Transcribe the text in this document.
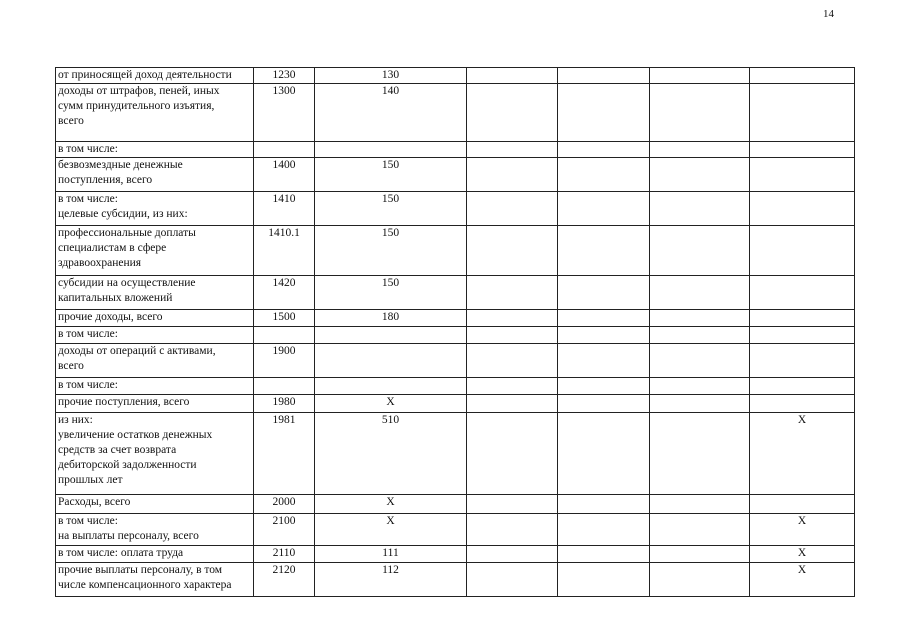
14
от приносящей доход деятельности	1230	130				
доходы от штрафов, пеней, иных
сумм принудительного изъятия,
всего	1300	140				
в том числе:						
безвозмездные денежные
поступления, всего	1400	150				
в том числе:
целевые субсидии, из них:	1410	150				
профессиональные доплаты
специалистам в сфере
здравоохранения	1410.1	150				
субсидии на осуществление
капитальных вложений	1420	150				
прочие доходы, всего	1500	180				
в том числе:						
доходы от операций с активами,
всего	1900					
в том числе:						
прочие поступления, всего	1980	X				
из них:
увеличение остатков денежных
средств за счет возврата
дебиторской задолженности
прошлых лет	1981	510				X
Расходы, всего	2000	X				
в том числе:
на выплаты персоналу, всего	2100	X				X
в том числе: оплата труда	2110	111				X
прочие выплаты персоналу, в том
числе компенсационного характера	2120	112				X
